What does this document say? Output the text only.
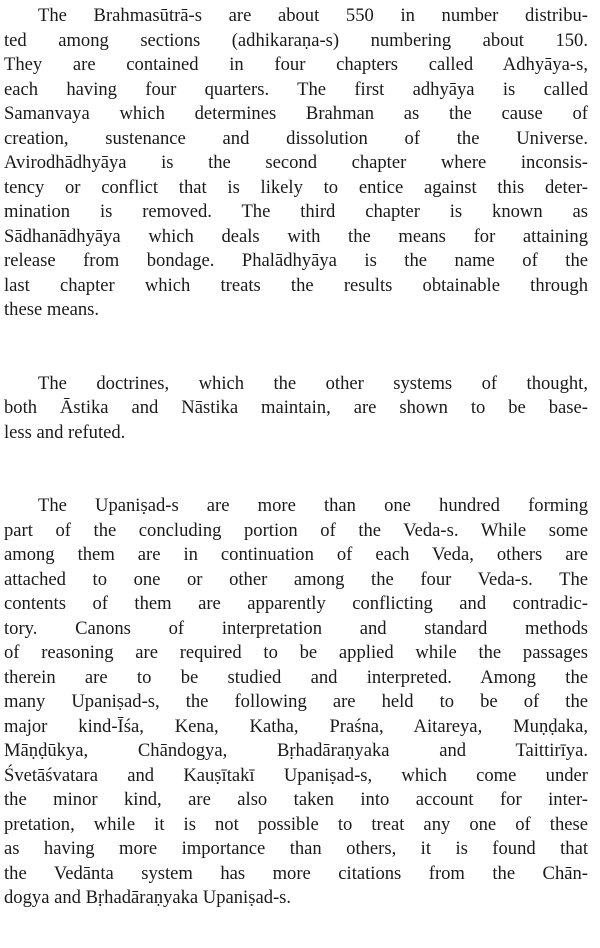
The Brahmasūtrā-s are about 550 in number distribu-
ted among sections (adhikaraṇa-s) numbering about 150.
They are contained in four chapters called Adhyāya-s,
each having four quarters. The first adhyāya is called
Samanvaya which determines Brahman as the cause of
creation, sustenance and dissolution of the Universe.
Avirodhādhyāya is the second chapter where inconsis-
tency or conflict that is likely to entice against this deter-
mination is removed. The third chapter is known as
Sādhanādhyāya which deals with the means for attaining
release from bondage. Phalādhyāya is the name of the
last chapter which treats the results obtainable through
these means.
The doctrines, which the other systems of thought,
both Āstika and Nāstika maintain, are shown to be base-
less and refuted.
The Upaniṣad-s are more than one hundred forming
part of the concluding portion of the Veda-s. While some
among them are in continuation of each Veda, others are
attached to one or other among the four Veda-s. The
contents of them are apparently conflicting and contradic-
tory. Canons of interpretation and standard methods
of reasoning are required to be applied while the passages
therein are to be studied and interpreted. Among the
many Upaniṣad-s, the following are held to be of the
major kind-Īśa, Kena, Katha, Praśna, Aitareya, Muṇḍaka,
Māṇḍūkya, Chāndogya, Bṛhadāraṇyaka and Taittirīya.
Śvetāśvatara and Kauṣītakī Upaniṣad-s, which come under
the minor kind, are also taken into account for inter-
pretation, while it is not possible to treat any one of these
as having more importance than others, it is found that
the Vedānta system has more citations from the Chān-
dogya and Bṛhadāraṇyaka Upaniṣad-s.
